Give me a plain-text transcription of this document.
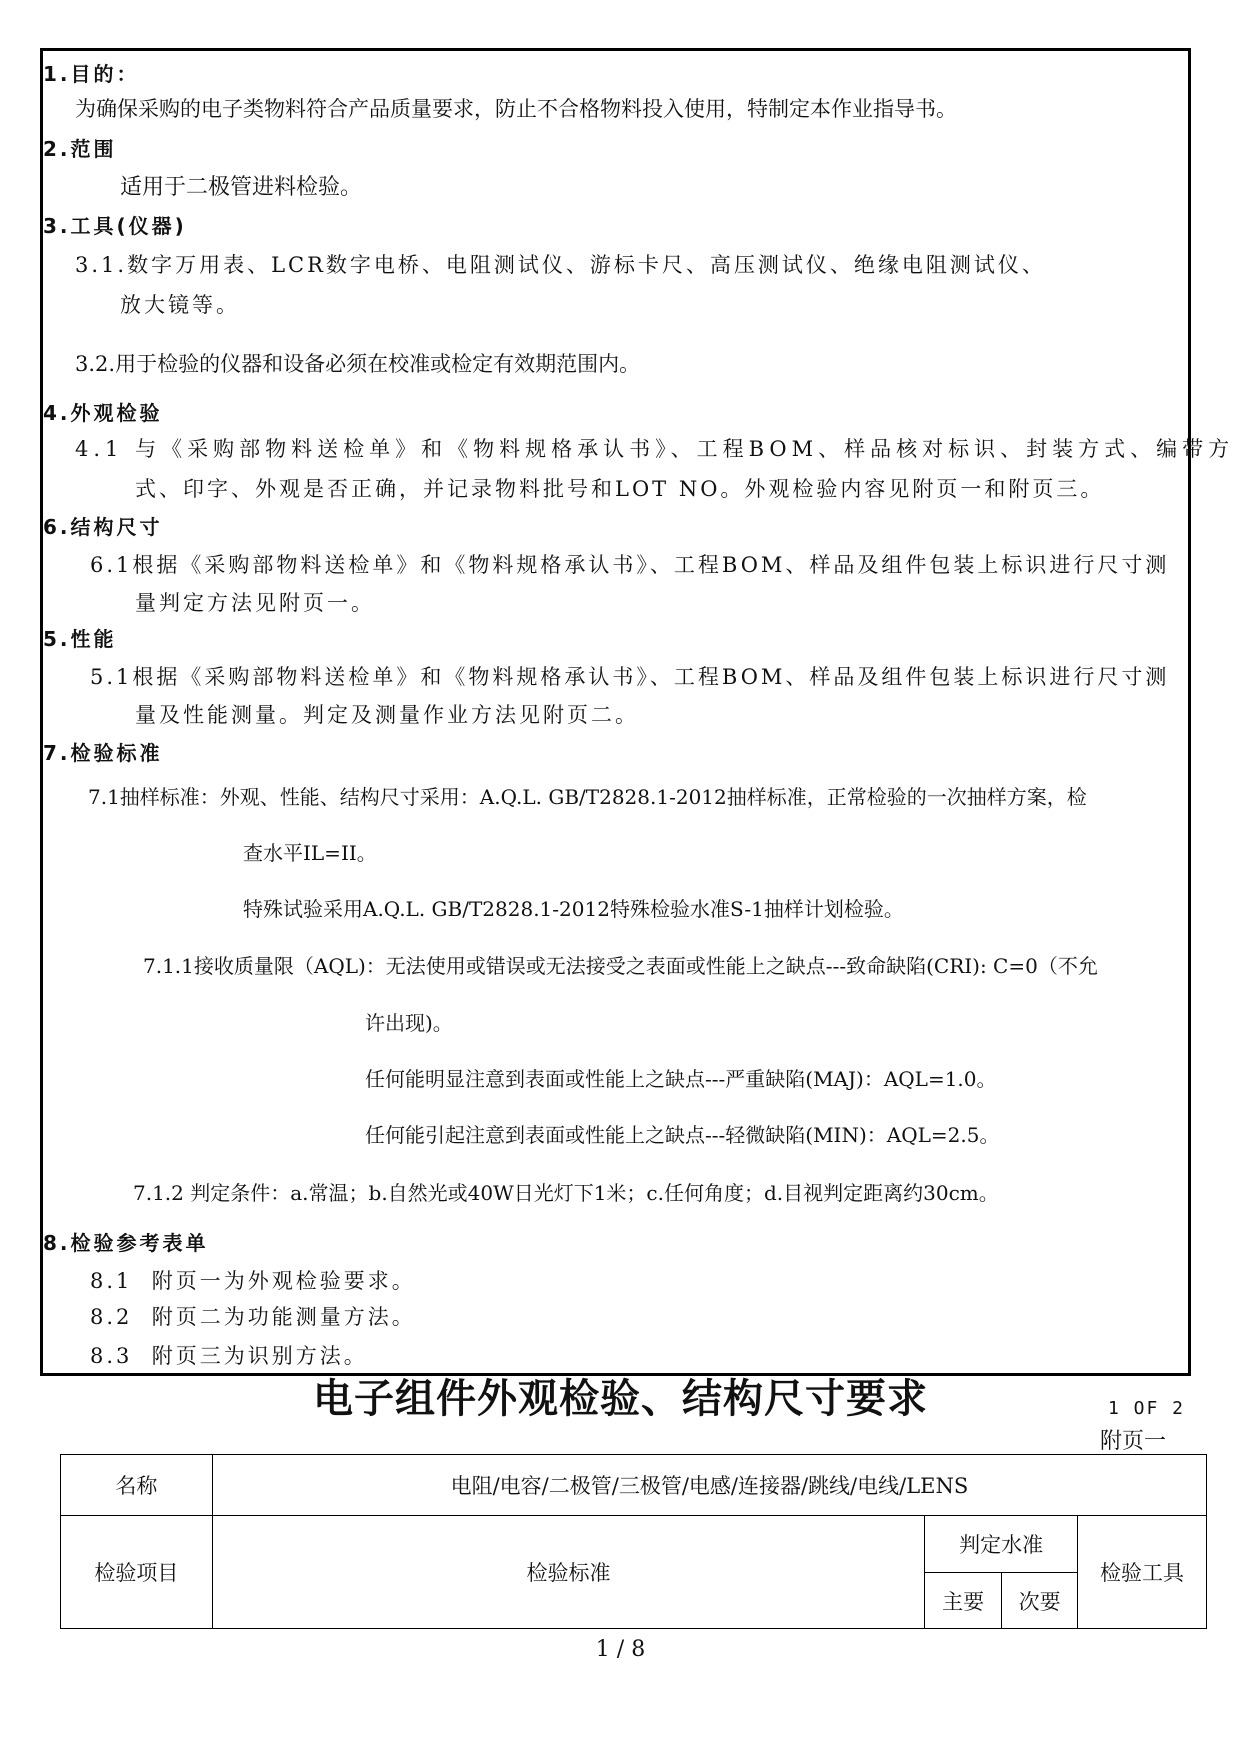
1.目的：
为确保采购的电子类物料符合产品质量要求，防止不合格物料投入使用，特制定本作业指导书。
2.范围
适用于二极管进料检验。
3.工具(仪器)
3.1.数字万用表、LCR数字电桥、电阻测试仪、游标卡尺、高压测试仪、绝缘电阻测试仪、
放大镜等。
3.2.用于检验的仪器和设备必须在校准或检定有效期范围内。
4.外观检验
4.1 与《采购部物料送检单》和《物料规格承认书》、工程BOM、样品核对标识、封装方式、编带方
式、印字、外观是否正确，并记录物料批号和LOT NO。外观检验内容见附页一和附页三。
6.结构尺寸
6.1根据《采购部物料送检单》和《物料规格承认书》、工程BOM、样品及组件包装上标识进行尺寸测
量判定方法见附页一。
5.性能
5.1根据《采购部物料送检单》和《物料规格承认书》、工程BOM、样品及组件包装上标识进行尺寸测
量及性能测量。判定及测量作业方法见附页二。
7.检验标准
7.1抽样标准：外观、性能、结构尺寸采用：A.Q.L. GB/T2828.1-2012抽样标准，正常检验的一次抽样方案，检
查水平IL=II。
特殊试验采用A.Q.L. GB/T2828.1-2012特殊检验水准S-1抽样计划检验。
7.1.1接收质量限（AQL)：无法使用或错误或无法接受之表面或性能上之缺点---致命缺陷(CRI): C=0（不允
许出现)。
任何能明显注意到表面或性能上之缺点---严重缺陷(MAJ)：AQL=1.0。
任何能引起注意到表面或性能上之缺点---轻微缺陷(MIN)：AQL=2.5。
7.1.2 判定条件：a.常温；b.自然光或40W日光灯下1米；c.任何角度；d.目视判定距离约30cm。
8.检验参考表单
8.1  附页一为外观检验要求。
8.2  附页二为功能测量方法。
8.3  附页三为识别方法。
电子组件外观检验、结构尺寸要求	1 OF 2
附页一
名称	电阻/电容/二极管/三极管/电感/连接器/跳线/电线/LENS			
检验项目	检验标准	判定水准		检验工具
		主要	次要	
1 / 8
